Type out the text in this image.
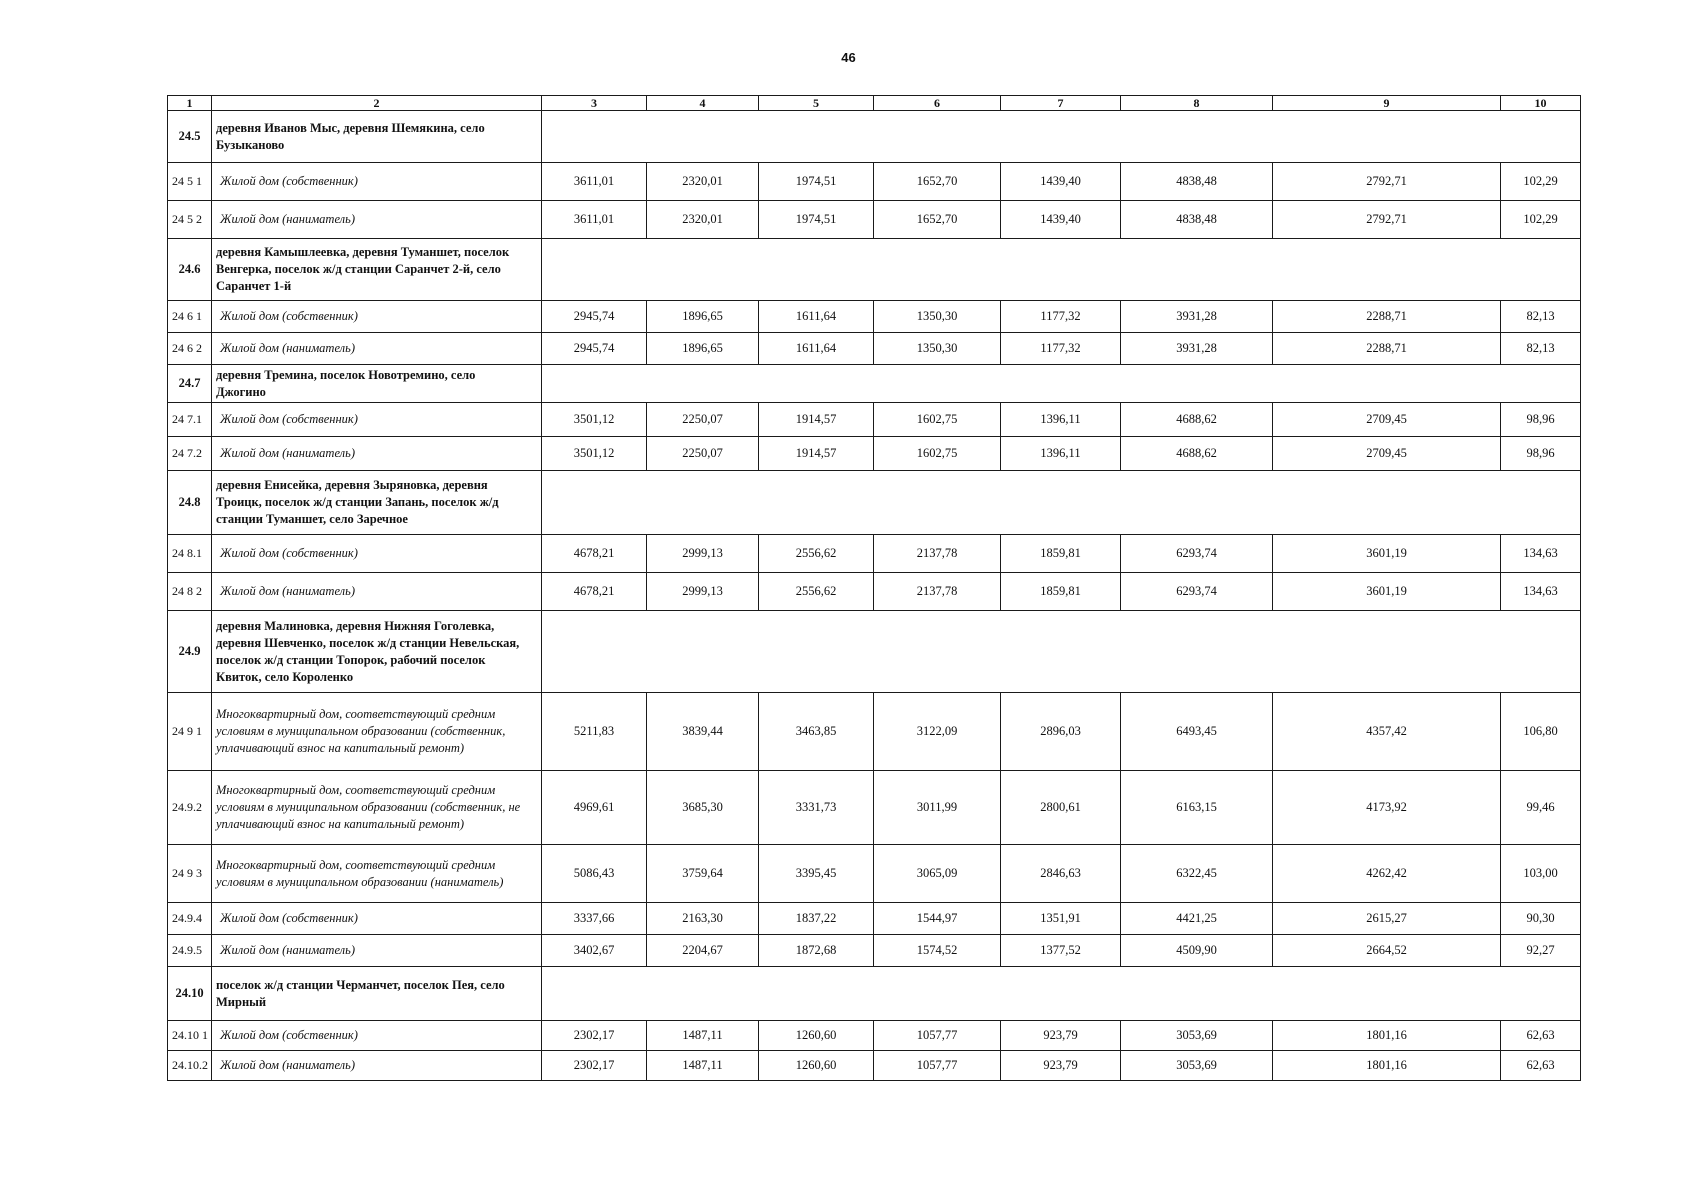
46
1	2	3	4	5	6	7	8	9	10
24.5	деревня Иванов Мыс, деревня Шемякина, село Бузыканово								

24 5 1	Жилой дом (собственник)	3611,01	2320,01	1974,51	1652,70	1439,40	4838,48	2792,71	102,29
24 5 2	Жилой дом (наниматель)	3611,01	2320,01	1974,51	1652,70	1439,40	4838,48	2792,71	102,29
24.6	деревня Камышлеевка, деревня Туманшет, поселок Венгерка, поселок ж/д станции Саранчет 2-й, село Саранчет 1-й								

24 6 1	Жилой дом (собственник)	2945,74	1896,65	1611,64	1350,30	1177,32	3931,28	2288,71	82,13
24 6 2	Жилой дом (наниматель)	2945,74	1896,65	1611,64	1350,30	1177,32	3931,28	2288,71	82,13
24.7	деревня Тремина, поселок Новотремино, село Джогино								

24 7.1	Жилой дом (собственник)	3501,12	2250,07	1914,57	1602,75	1396,11	4688,62	2709,45	98,96
24 7.2	Жилой дом (наниматель)	3501,12	2250,07	1914,57	1602,75	1396,11	4688,62	2709,45	98,96
24.8	деревня Енисейка, деревня Зыряновка, деревня Троицк, поселок ж/д станции Запань, поселок ж/д станции Туманшет, село Заречное								

24 8.1	Жилой дом (собственник)	4678,21	2999,13	2556,62	2137,78	1859,81	6293,74	3601,19	134,63
24 8 2	Жилой дом (наниматель)	4678,21	2999,13	2556,62	2137,78	1859,81	6293,74	3601,19	134,63
24.9	деревня Малиновка, деревня Нижняя Гоголевка, деревня Шевченко, поселок ж/д станции Невельская, поселок ж/д станции Топорок, рабочий поселок Квиток, село Короленко								

24 9 1	Многоквартирный дом, соответствующий средним условиям в муниципальном образовании (собственник, уплачивающий взнос на капитальный ремонт)	5211,83	3839,44	3463,85	3122,09	2896,03	6493,45	4357,42	106,80
24.9.2	Многоквартирный дом, соответствующий средним условиям в муниципальном образовании (собственник, не уплачивающий взнос на капитальный ремонт)	4969,61	3685,30	3331,73	3011,99	2800,61	6163,15	4173,92	99,46
24 9 3	Многоквартирный дом, соответствующий средним условиям в муниципальном образовании (наниматель)	5086,43	3759,64	3395,45	3065,09	2846,63	6322,45	4262,42	103,00
24.9.4	Жилой дом (собственник)	3337,66	2163,30	1837,22	1544,97	1351,91	4421,25	2615,27	90,30
24.9.5	Жилой дом (наниматель)	3402,67	2204,67	1872,68	1574,52	1377,52	4509,90	2664,52	92,27
24.10	поселок ж/д станции Черманчет, поселок Пея, село Мирный								

24.10 1	Жилой дом (собственник)	2302,17	1487,11	1260,60	1057,77	923,79	3053,69	1801,16	62,63
24.10.2	Жилой дом (наниматель)	2302,17	1487,11	1260,60	1057,77	923,79	3053,69	1801,16	62,63
